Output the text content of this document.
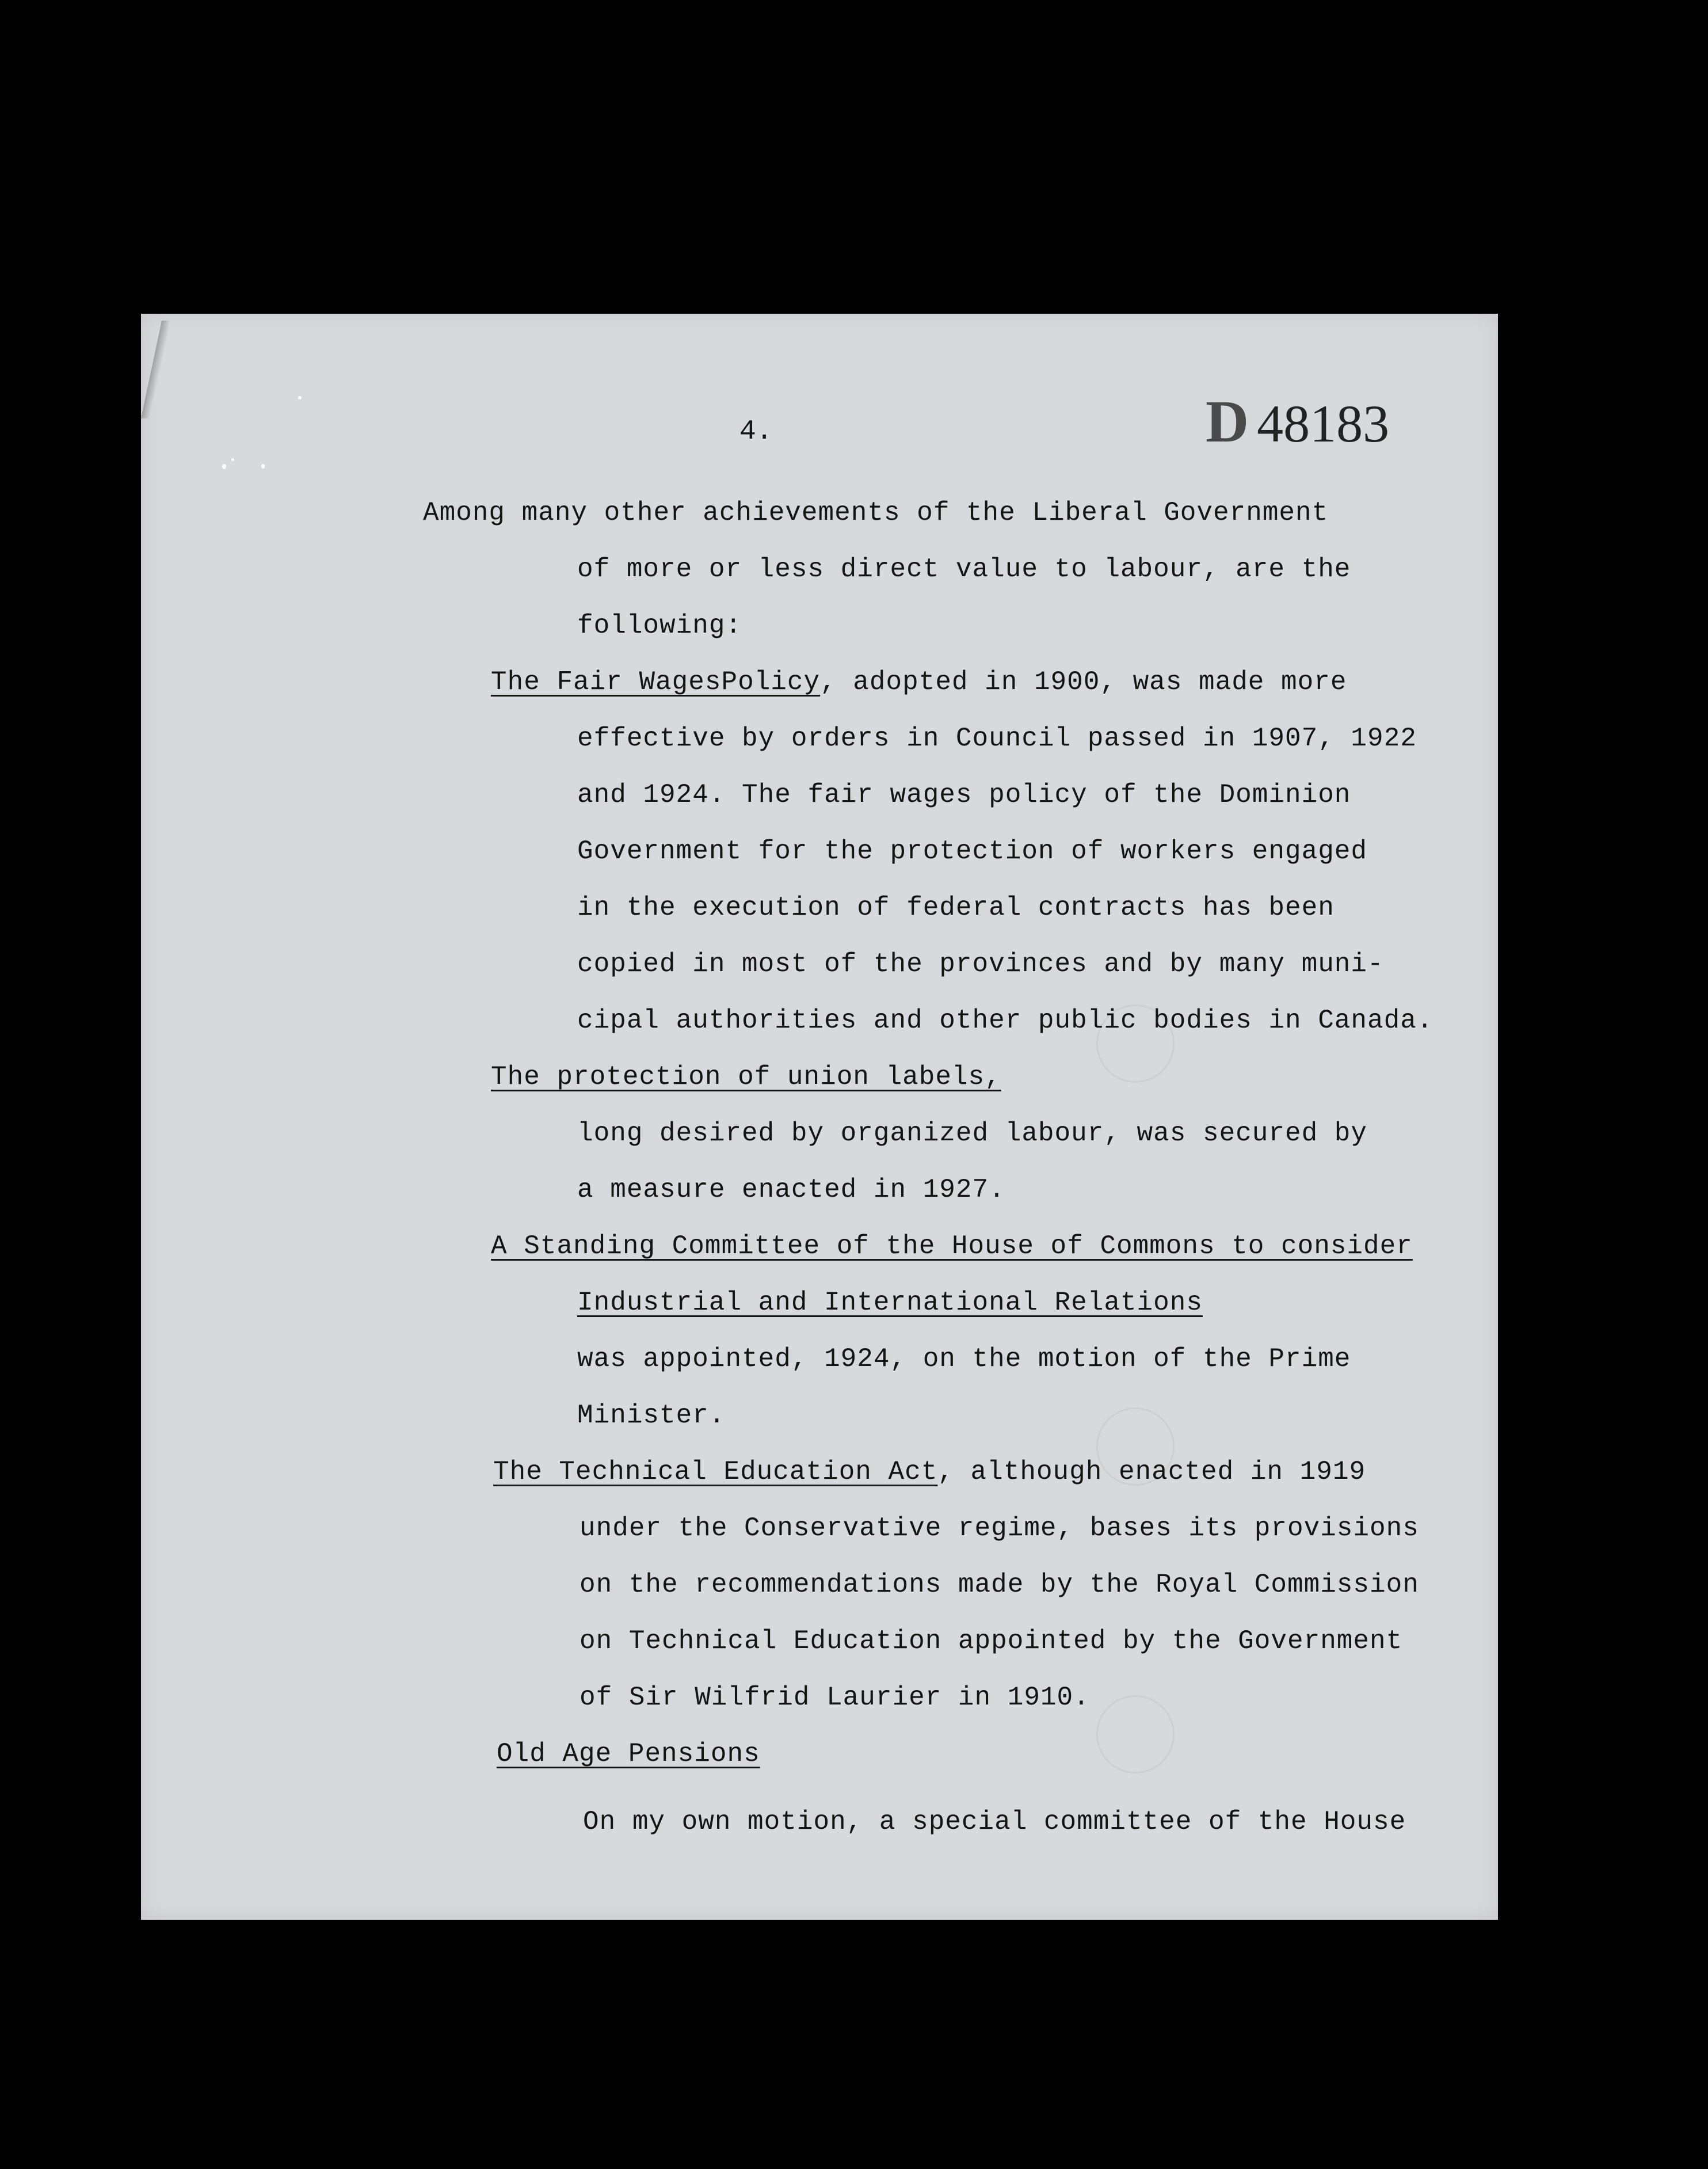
4.	D 48183
Among many other achievements of the Liberal Government
of more or less direct value to labour, are the
following:
The Fair WagesPolicy, adopted in 1900, was made more
effective by orders in Council passed in 1907, 1922
and 1924. The fair wages policy of the Dominion
Government for the protection of workers engaged
in the execution of federal contracts has been
copied in most of the provinces and by many muni-
cipal authorities and other public bodies in Canada.
The protection of union labels,
long desired by organized labour, was secured by
a measure enacted in 1927.
A Standing Committee of the House of Commons to consider
Industrial and International Relations
was appointed, 1924, on the motion of the Prime
Minister.
The Technical Education Act, although enacted in 1919
under the Conservative regime, bases its provisions
on the recommendations made by the Royal Commission
on Technical Education appointed by the Government
of Sir Wilfrid Laurier in 1910.
Old Age Pensions
On my own motion, a special committee of the House
